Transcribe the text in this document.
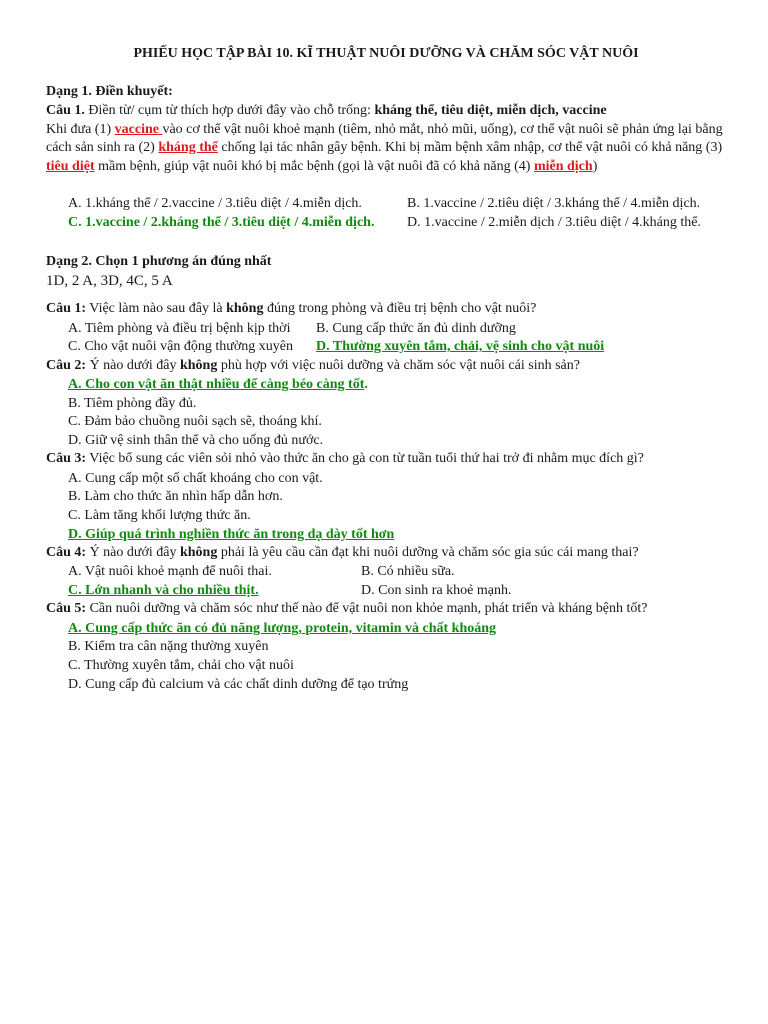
PHIẾU HỌC TẬP BÀI 10. KĨ THUẬT NUÔI DƯỠNG VÀ CHĂM SÓC VẬT NUÔI
Dạng 1. Điền khuyết:
Câu 1. Điền từ/ cụm từ thích hợp dưới đây vào chỗ trống: kháng thể, tiêu diệt, miễn dịch, vaccine
Khi đưa (1) vaccine vào cơ thể vật nuôi khoẻ mạnh (tiêm, nhỏ mắt, nhỏ mũi, uống), cơ thể vật nuôi sẽ phản ứng lại bằng
cách sản sinh ra (2) kháng thể chống lại tác nhân gây bệnh. Khi bị mầm bệnh xâm nhập, cơ thể vật nuôi có khả năng (3)
tiêu diệt mầm bệnh, giúp vật nuôi khó bị mắc bệnh (gọi là vật nuôi đã có khả năng (4) miễn dịch)
A. 1.kháng thể / 2.vaccine / 3.tiêu diệt / 4.miễn dịch.	B. 1.vaccine / 2.tiêu diệt / 3.kháng thể / 4.miễn dịch.
C. 1.vaccine / 2.kháng thể / 3.tiêu diệt / 4.miễn dịch. D. 1.vaccine / 2.miễn dịch / 3.tiêu diệt / 4.kháng thể.
Dạng 2. Chọn 1 phương án đúng nhất
1D, 2 A, 3D, 4C, 5 A
Câu 1: Việc làm nào sau đây là không đúng trong phòng và điều trị bệnh cho vật nuôi?
A. Tiêm phòng và điều trị bệnh kịp thời B. Cung cấp thức ăn đủ dinh dưỡng
C. Cho vật nuôi vận động thường xuyên D. Thường xuyên tắm, chải, vệ sinh cho vật nuôi
Câu 2: Ý nào dưới đây không phù hợp với việc nuôi dưỡng và chăm sóc vật nuôi cái sinh sản?
A. Cho con vật ăn thật nhiều để càng béo càng tốt.
B. Tiêm phòng đầy đủ.
C. Đảm bảo chuồng nuôi sạch sẽ, thoáng khí.
D. Giữ vệ sinh thân thể và cho uống đủ nước.
Câu 3: Việc bổ sung các viên sỏi nhỏ vào thức ăn cho gà con từ tuần tuổi thứ hai trở đi nhằm mục đích gì?
A. Cung cấp một số chất khoáng cho con vật.
B. Làm cho thức ăn nhìn hấp dẫn hơn.
C. Làm tăng khối lượng thức ăn.
D. Giúp quá trình nghiền thức ăn trong dạ dày tốt hơn
Câu 4: Ý nào dưới đây không phải là yêu cầu cần đạt khi nuôi dưỡng và chăm sóc gia súc cái mang thai?
A. Vật nuôi khoẻ mạnh để nuôi thai.	B. Có nhiều sữa.
C. Lớn nhanh và cho nhiều thịt.	D. Con sinh ra khoẻ mạnh.
Câu 5: Cần nuôi dưỡng và chăm sóc như thế nào để vật nuôi non khỏe mạnh, phát triển và kháng bệnh tốt?
A. Cung cấp thức ăn có đủ năng lượng, protein, vitamin và chất khoáng
B. Kiểm tra cân nặng thường xuyên
C. Thường xuyên tắm, chải cho vật nuôi
D. Cung cấp đủ calcium và các chất dinh dưỡng để tạo trứng
